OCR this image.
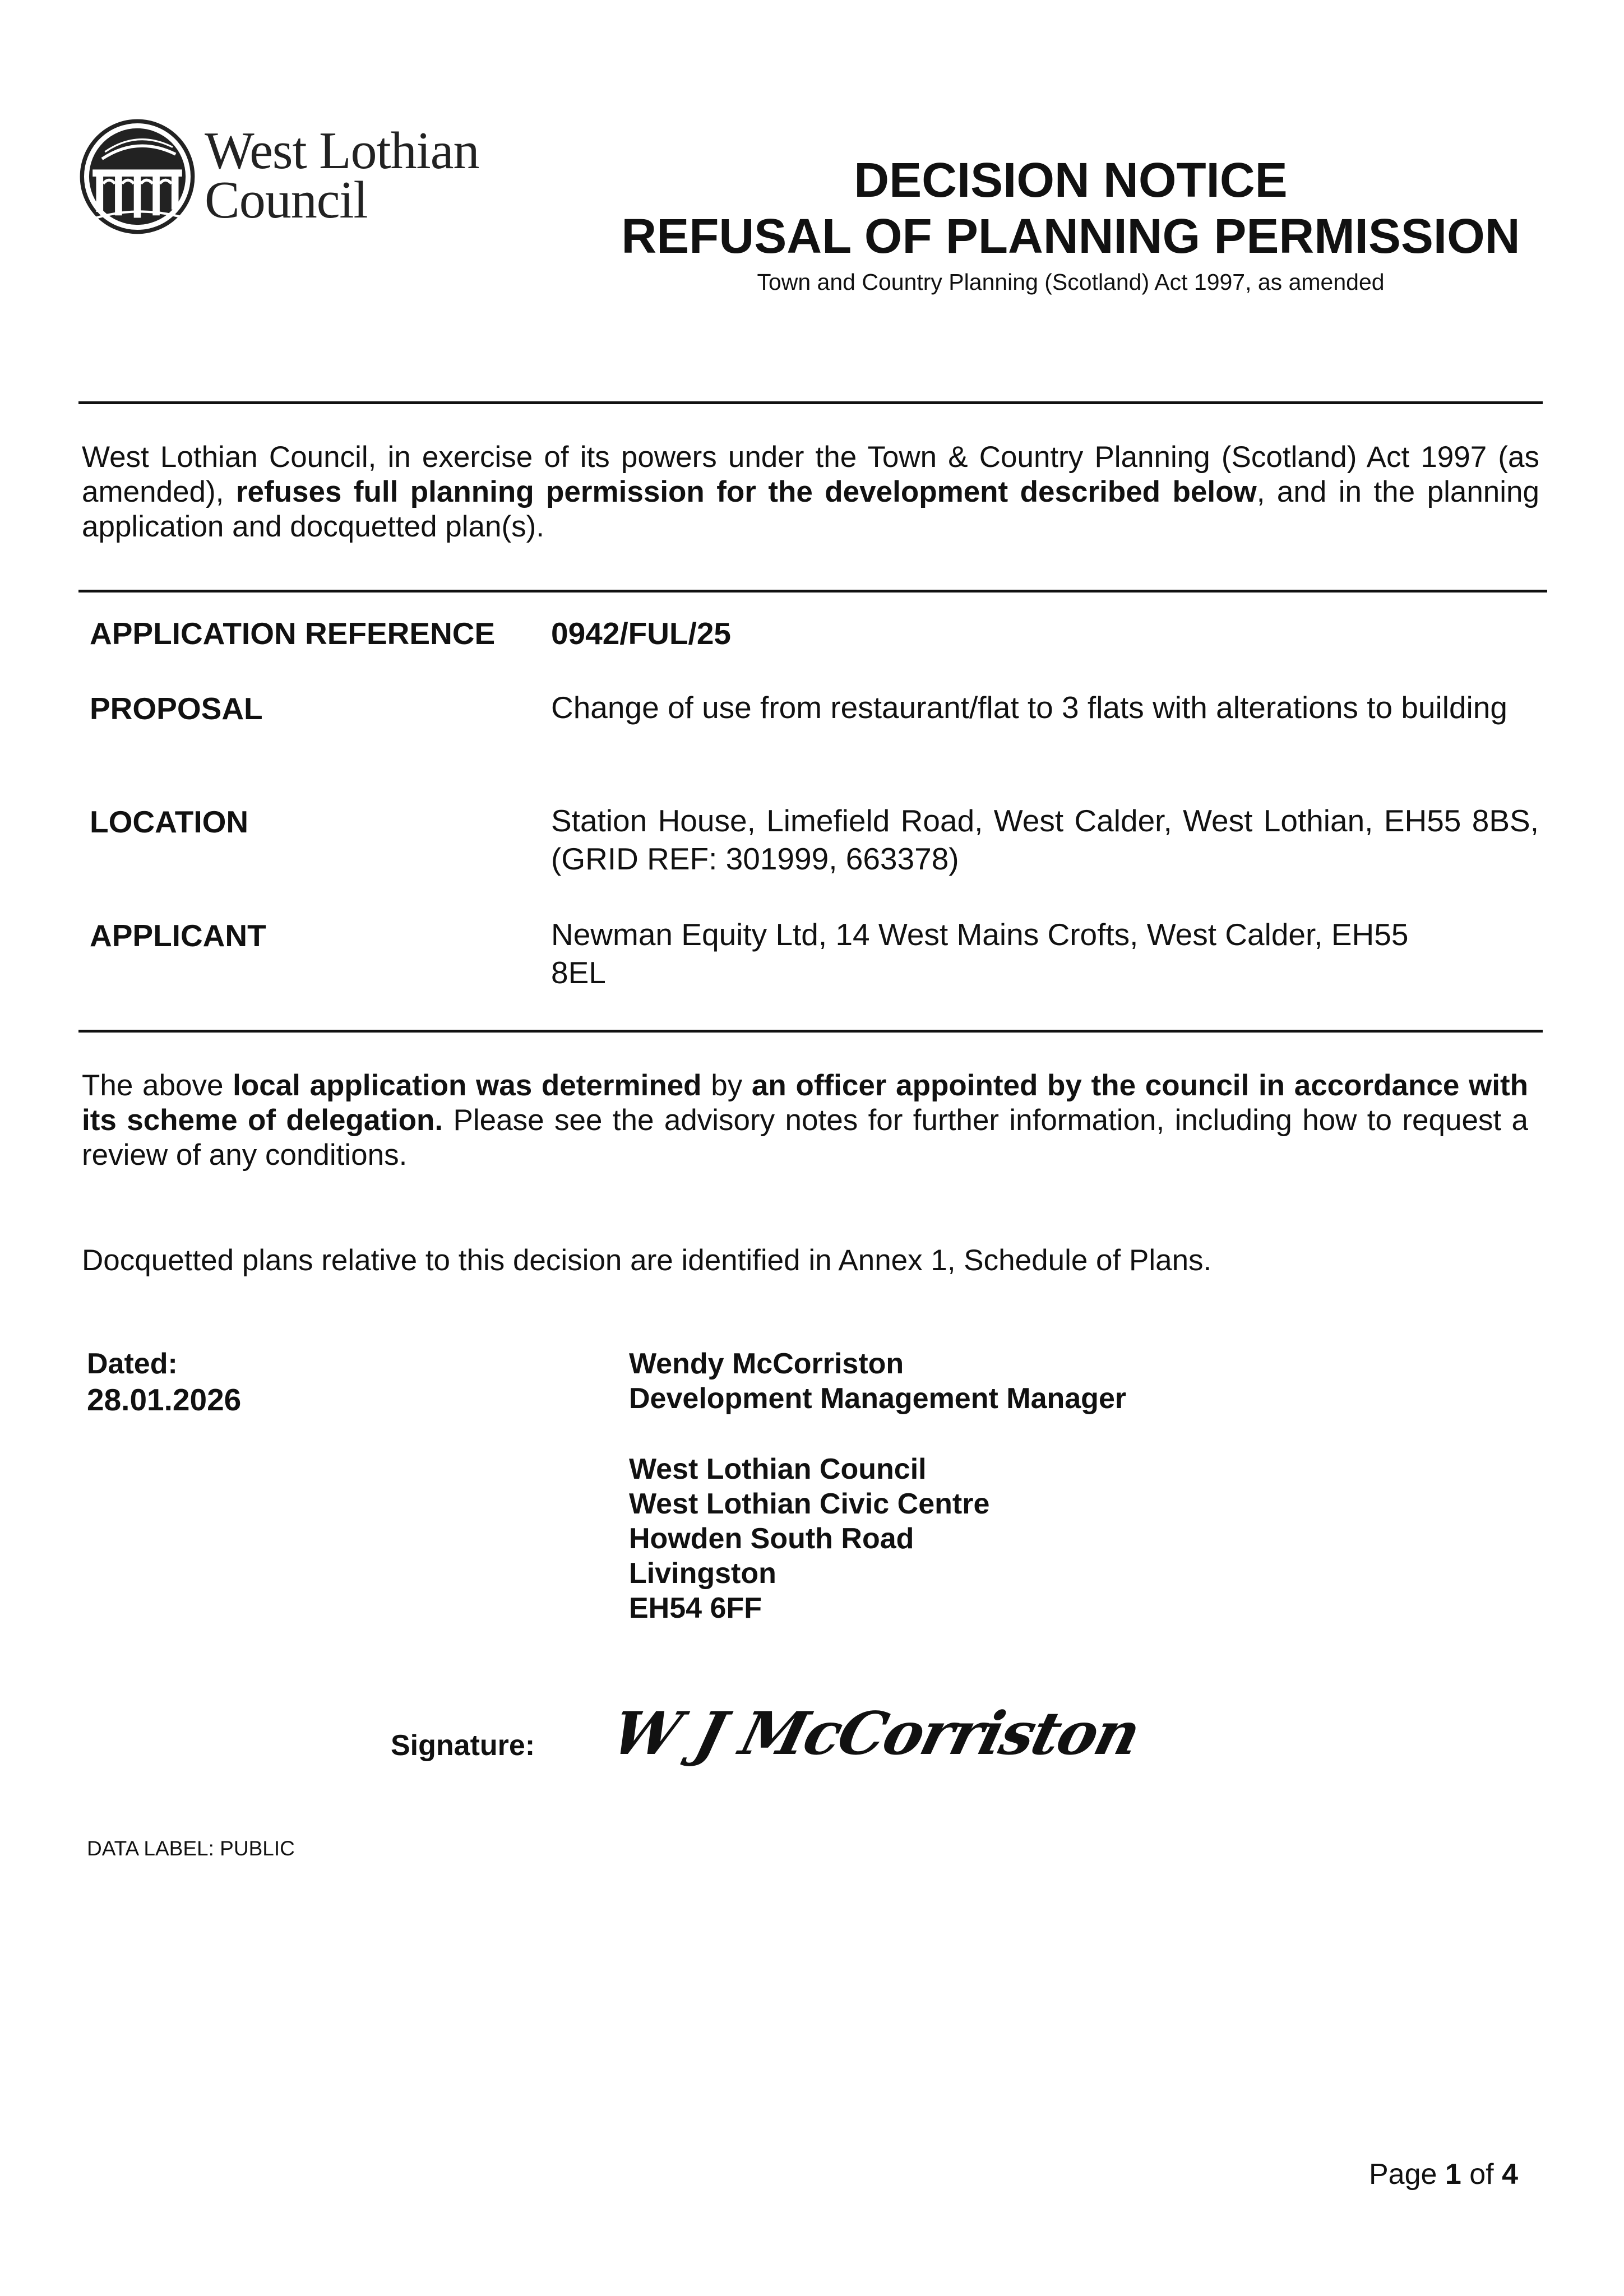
West Lothian
Council	DECISION NOTICE
REFUSAL OF PLANNING PERMISSION
Town and Country Planning (Scotland) Act 1997, as amended
West Lothian Council, in exercise of its powers under the Town & Country Planning (Scotland) Act 1997 (as amended), refuses full planning permission for the development described below, and in the planning application and docquetted plan(s).
APPLICATION REFERENCE 0942/FUL/25
PROPOSAL	Change of use from restaurant/flat to 3 flats with alterations to building
LOCATION	Station House, Limefield Road, West Calder, West Lothian, EH55 8BS, (GRID REF: 301999, 663378)
APPLICANT	Newman Equity Ltd, 14 West Mains Crofts, West Calder, EH55
8EL
The above local application was determined by an officer appointed by the council in accordance with its scheme of delegation. Please see the advisory notes for further information, including how to request a review of any conditions.
Docquetted plans relative to this decision are identified in Annex 1, Schedule of Plans.
Dated:
28.01.2026
Wendy McCorriston
Development Management Manager
West Lothian Council
West Lothian Civic Centre
Howden South Road
Livingston
EH54 6FF
Signature: W J McCorriston
DATA LABEL: PUBLIC
Page 1 of 4
